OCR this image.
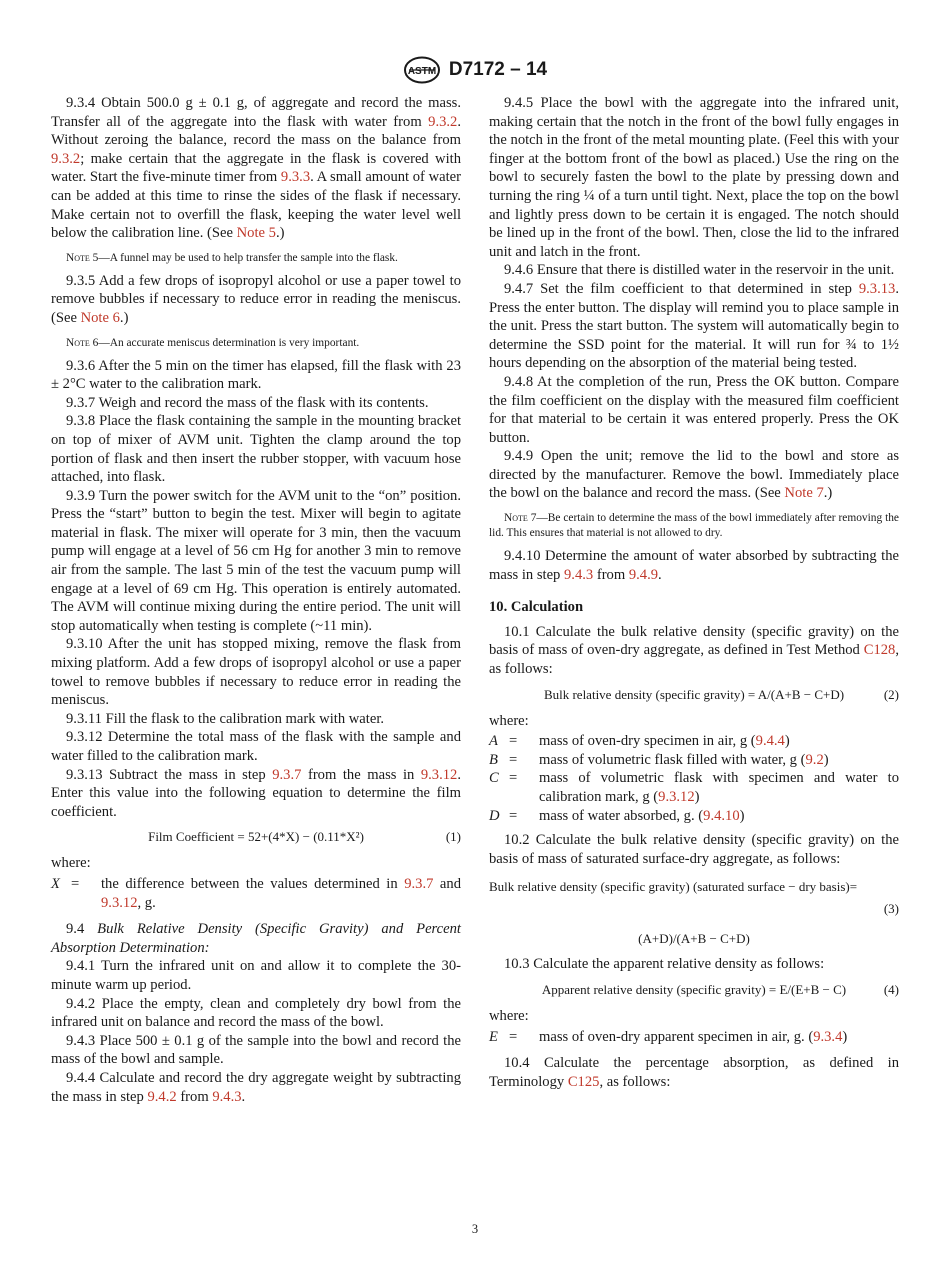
ASTM D7172 – 14

9.3.4 Obtain 500.0 g ± 0.1 g, of aggregate and record the mass. Transfer all of the aggregate into the flask with water from 9.3.2. Without zeroing the balance, record the mass on the balance from 9.3.2; make certain that the aggregate in the flask is covered with water. Start the five-minute timer from 9.3.3. A small amount of water can be added at this time to rinse the sides of the flask if necessary. Make certain not to overfill the flask, keeping the water level well below the calibration line. (See Note 5.)

Note 5—A funnel may be used to help transfer the sample into the flask.

9.3.5 Add a few drops of isopropyl alcohol or use a paper towel to remove bubbles if necessary to reduce error in reading the meniscus. (See Note 6.)

Note 6—An accurate meniscus determination is very important.

9.3.6 After the 5 min on the timer has elapsed, fill the flask with 23 ± 2°C water to the calibration mark.

9.3.7 Weigh and record the mass of the flask with its contents.

9.3.8 Place the flask containing the sample in the mounting bracket on top of mixer of AVM unit. Tighten the clamp around the top portion of flask and then insert the rubber stopper, with vacuum hose attached, into flask.

9.3.9 Turn the power switch for the AVM unit to the “on” position. Press the “start” button to begin the test. Mixer will begin to agitate material in flask. The mixer will operate for 3 min, then the vacuum pump will engage at a level of 56 cm Hg for another 3 min to remove air from the sample. The last 5 min of the test the vacuum pump will engage at a level of 69 cm Hg. This operation is entirely automated. The AVM will continue mixing during the entire period. The unit will stop automatically when testing is complete (~11 min).

9.3.10 After the unit has stopped mixing, remove the flask from mixing platform. Add a few drops of isopropyl alcohol or use a paper towel to remove bubbles if necessary to reduce error in reading the meniscus.

9.3.11 Fill the flask to the calibration mark with water.

9.3.12 Determine the total mass of the flask with the sample and water filled to the calibration mark.

9.3.13 Subtract the mass in step 9.3.7 from the mass in 9.3.12. Enter this value into the following equation to determine the film coefficient.

Film Coefficient = 52+(4*X) − (0.11*X²)	(1)

where:

X = the difference between the values determined in 9.3.7 and 9.3.12, g.

9.4 Bulk Relative Density (Specific Gravity) and Percent Absorption Determination:

9.4.1 Turn the infrared unit on and allow it to complete the 30-minute warm up period.

9.4.2 Place the empty, clean and completely dry bowl from the infrared unit on balance and record the mass of the bowl.

9.4.3 Place 500 ± 0.1 g of the sample into the bowl and record the mass of the bowl and sample.

9.4.4 Calculate and record the dry aggregate weight by subtracting the mass in step 9.4.2 from 9.4.3.

9.4.5 Place the bowl with the aggregate into the infrared unit, making certain that the notch in the front of the bowl fully engages in the notch in the front of the metal mounting plate. (Feel this with your finger at the bottom front of the bowl as placed.) Use the ring on the bowl to securely fasten the bowl to the plate by pressing down and turning the ring ¼ of a turn until tight. Next, place the top on the bowl and lightly press down to be certain it is engaged. The notch should be lined up in the front of the bowl. Then, close the lid to the infrared unit and latch in the front.

9.4.6 Ensure that there is distilled water in the reservoir in the unit.

9.4.7 Set the film coefficient to that determined in step 9.3.13. Press the enter button. The display will remind you to place sample in the unit. Press the start button. The system will automatically begin to determine the SSD point for the material. It will run for ¾ to 1½ hours depending on the absorption of the material being tested.

9.4.8 At the completion of the run, Press the OK button. Compare the film coefficient on the display with the measured film coefficient for that material to be certain it was entered properly. Press the OK button.

9.4.9 Open the unit; remove the lid to the bowl and store as directed by the manufacturer. Remove the bowl. Immediately place the bowl on the balance and record the mass. (See Note 7.)

Note 7—Be certain to determine the mass of the bowl immediately after removing the lid. This ensures that material is not allowed to dry.

9.4.10 Determine the amount of water absorbed by subtracting the mass in step 9.4.3 from 9.4.9.

10. Calculation

10.1 Calculate the bulk relative density (specific gravity) on the basis of mass of oven-dry aggregate, as defined in Test Method C128, as follows:

Bulk relative density (specific gravity) = A/(A+B − C+D)	(2)

where:

A = mass of oven-dry specimen in air, g (9.4.4)
B = mass of volumetric flask filled with water, g (9.2)
C = mass of volumetric flask with specimen and water to calibration mark, g (9.3.12)
D = mass of water absorbed, g. (9.4.10)

10.2 Calculate the bulk relative density (specific gravity) on the basis of mass of saturated surface-dry aggregate, as follows:

Bulk relative density (specific gravity) (saturated surface − dry basis)=
(3)
(A+D)/(A+B − C+D)

10.3 Calculate the apparent relative density as follows:

Apparent relative density (specific gravity) = E/(E+B − C)	(4)

where:

E = mass of oven-dry apparent specimen in air, g. (9.3.4)

10.4 Calculate the percentage absorption, as defined in Terminology C125, as follows:

3
